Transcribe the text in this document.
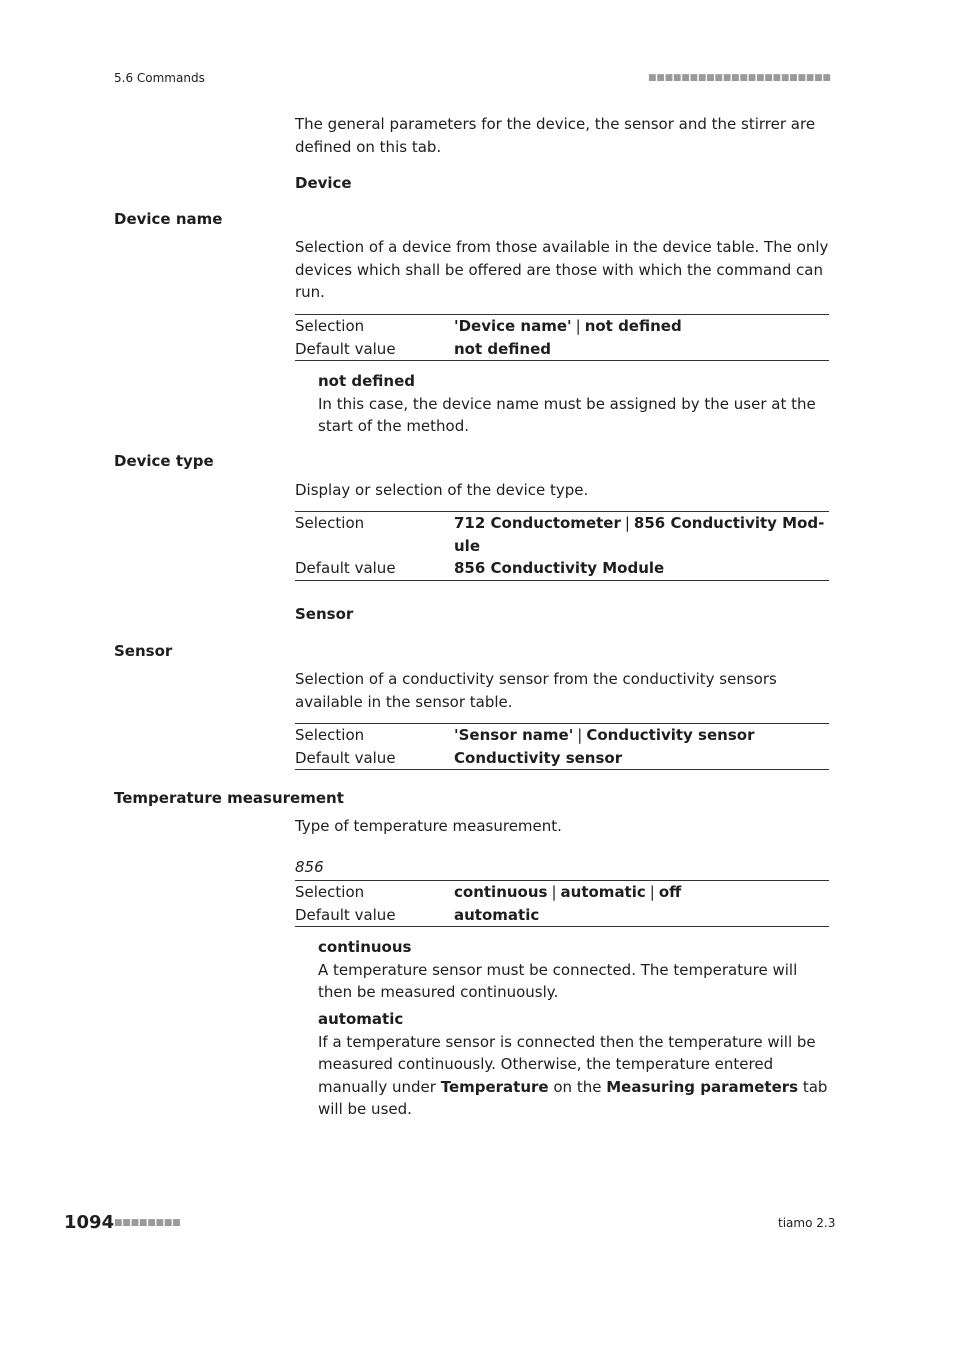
5.6 Commands	■■■■■■■■■■■■■■■■■■■■■■
The general parameters for the device, the sensor and the stirrer are defined on this tab.
Device
Device name
Selection of a device from those available in the device table. The only devices which shall be offered are those with which the command can run.
Selection	'Device name' | not defined
Default value	not defined
not defined
In this case, the device name must be assigned by the user at the start of the method.
Device type
Display or selection of the device type.
Selection	712 Conductometer | 856 Conductivity Mod-
ule
Default value	856 Conductivity Module
Sensor
Sensor
Selection of a conductivity sensor from the conductivity sensors available in the sensor table.
Selection	'Sensor name' | Conductivity sensor
Default value	Conductivity sensor
Temperature measurement
Type of temperature measurement.
856
Selection	continuous | automatic | off
Default value	automatic
continuous
A temperature sensor must be connected. The temperature will then be measured continuously.
automatic
If a temperature sensor is connected then the temperature will be measured continuously. Otherwise, the temperature entered manually under Temperature on the Measuring parameters tab will be used.
1094 ■■■■■■■■	tiamo 2.3
